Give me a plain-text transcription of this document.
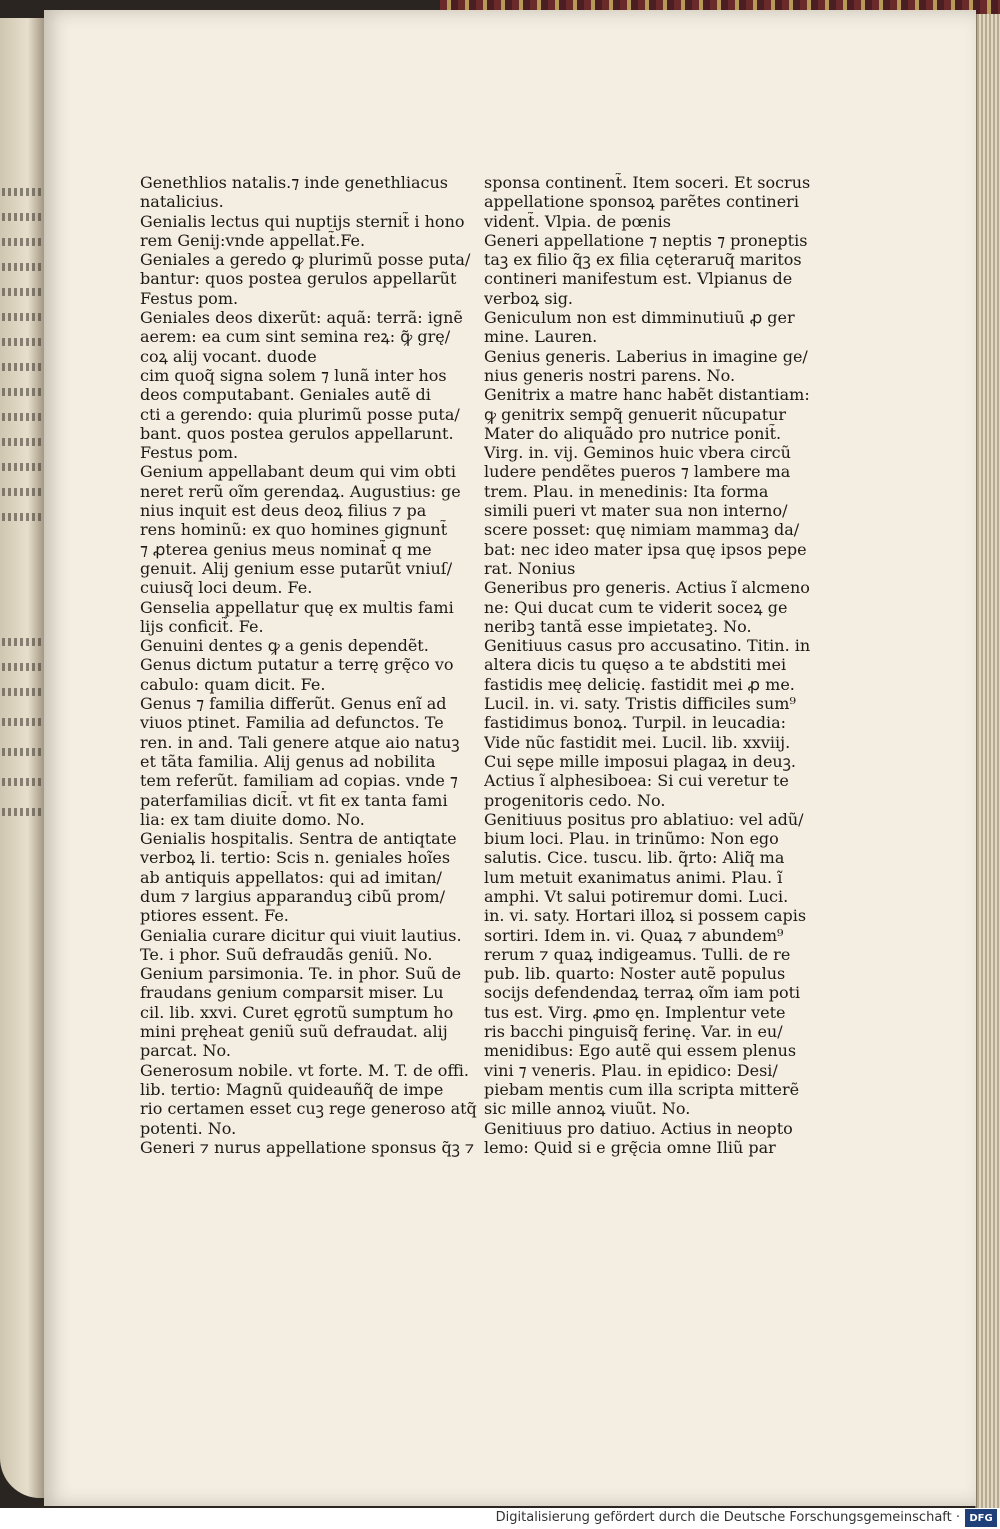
Genethlios natalis.⁊ inde genethliacus
natalicius.
Genialis lectus qui nuptijs sternit̃ i hono
rem Genij:vnde appellat̃.Fe.
Geniales a geredo ꝙ plurimũ posse puta/
bantur: quos postea gerulos appellarũt
Festus pom.
Geniales deos dixerũt: aquã: terrã: ignẽ
aerem: ea cum sint semina reꝝ: ꝙ̃ grę/
coꝝ alij vocant. duode
cim quoq̃ signa solem ⁊ lunã inter hos
deos computabant. Geniales autẽ di
cti a gerendo: quia plurimũ posse puta/
bant. quos postea gerulos appellarunt.
Festus pom.
Genium appellabant deum qui vim obti
neret rerũ oĩm gerendaꝝ. Augustius: ge
nius inquit est deus deoꝝ filius ⁊ pa
rens hominũ: ex quo homines gignunt̃
⁊ ꝓterea genius meus nominat̃ q me
genuit. Alij genium esse putarũt vniuſ/
cuiusq̃ loci deum. Fe.
Genselia appellatur quę ex multis fami
lijs conficit̃. Fe.
Genuini dentes ꝙ a genis dependẽt.
Genus dictum putatur a terrę grę̃co vo
cabulo: quam dicit. Fe.
Genus ⁊ familia differũt. Genus enĩ ad
viuos ptinet. Familia ad defunctos. Te
ren. in and. Tali genere atque aio natuꝫ
et tãta familia. Alij genus ad nobilita
tem referũt. familiam ad copias. vnde ⁊
paterfamilias dicit̃. vt fit ex tanta fami
lia: ex tam diuite domo. No.
Genialis hospitalis. Sentra de antiqtate
verboꝝ li. tertio: Scis n. geniales hoĩes
ab antiquis appellatos: qui ad imitan/
dum ⁊ largius apparanduꝫ cibũ prom/
ptiores essent. Fe.
Genialia curare dicitur qui viuit lautius.
Te. i phor. Suũ defraudãs geniũ. No.
Genium parsimonia. Te. in phor. Suũ de
fraudans genium comparsit miser. Lu
cil. lib. xxvi. Curet ęgrotũ sumptum ho
mini pręheat geniũ suũ defraudat. alij
parcat. No.
Generosum nobile. vt forte. M. T. de offi.
lib. tertio: Magnũ quideauñq̃ de impe
rio certamen esset cuꝫ rege generoso atq̃
potenti. No.
Generi ⁊ nurus appellatione sponsus q̃ꝫ ⁊
sponsa continent̃. Item soceri. Et socrus
appellatione sponsoꝝ parẽtes contineri
vident̃. Vlpia. de pœnis
Generi appellatione ⁊ neptis ⁊ proneptis
taꝫ ex filio q̃ꝫ ex filia cęteraruq̃ maritos
contineri manifestum est. Vlpianus de
verboꝝ sig.
Geniculum non est dimminutiuũ ꝓ ger
mine. Lauren.
Genius generis. Laberius in imagine ge/
nius generis nostri parens. No.
Genitrix a matre hanc habẽt distantiam:
ꝙ genitrix sempq̃ genuerit nũcupatur
Mater do aliquãdo pro nutrice ponit̃.
Virg. in. vij. Geminos huic vbera circũ
ludere pendẽtes pueros ⁊ lambere ma
trem. Plau. in menedinis: Ita forma
simili pueri vt mater sua non interno/
scere posset: quę nimiam mammaꝫ da/
bat: nec ideo mater ipsa quę ipsos pepe
rat. Nonius
Generibus pro generis. Actius ĩ alcmeno
ne: Qui ducat cum te viderit soceꝝ ge
neribꝫ tantã esse impietateꝫ. No.
Genitiuus casus pro accusatino. Titin. in
altera dicis tu quęso a te abdstiti mei
fastidis meę delicię. fastidit mei ꝓ me.
Lucil. in. vi. saty. Tristis difficiles sum⁹
fastidimus bonoꝝ. Turpil. in leucadia:
Vide nũc fastidit mei. Lucil. lib. xxviij.
Cui sępe mille imposui plagaꝝ in deuꝫ.
Actius ĩ alphesiboea: Si cui veretur te
progenitoris cedo. No.
Genitiuus positus pro ablatiuo: vel adũ/
bium loci. Plau. in trinũmo: Non ego
salutis. Cice. tuscu. lib. q̃rto: Aliq̃ ma
lum metuit exanimatus animi. Plau. ĩ
amphi. Vt salui potiremur domi. Luci.
in. vi. saty. Hortari illoꝝ si possem capis
sortiri. Idem in. vi. Quaꝝ ⁊ abundem⁹
rerum ⁊ quaꝝ indigeamus. Tulli. de re
pub. lib. quarto: Noster autẽ populus
socijs defendendaꝝ terraꝝ oĩm iam poti
tus est. Virg. ꝓmo ęn. Implentur vete
ris bacchi pinguisq̃ ferinę. Var. in eu/
menidibus: Ego autẽ qui essem plenus
vini ⁊ veneris. Plau. in epidico: Desi/
piebam mentis cum illa scripta mitterẽ
sic mille annoꝝ viuũt. No.
Genitiuus pro datiuo. Actius in neopto
lemo: Quid si e grę̃cia omne Iliũ par
Digitalisierung gefördert durch die Deutsche Forschungsgemeinschaft · DFG
